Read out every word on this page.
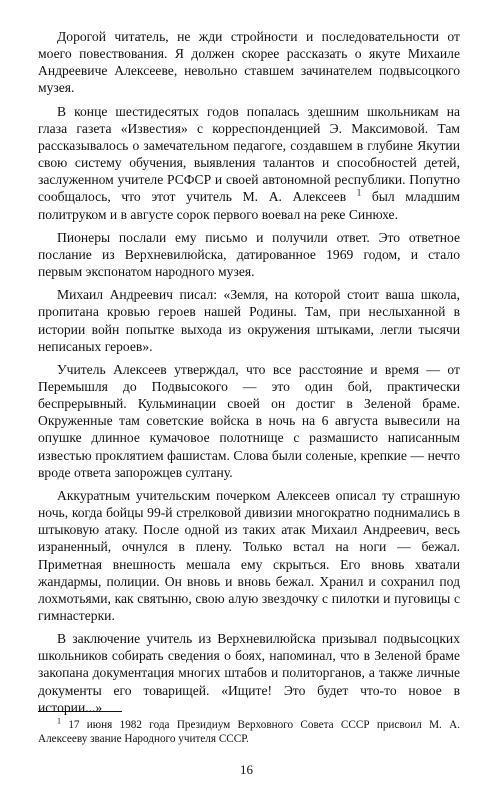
Дорогой читатель, не жди стройности и последовательности от моего повествования. Я должен скорее рассказать о якуте Михаиле Андреевиче Алексееве, невольно ставшем зачинателем подвысоцкого музея.

В конце шестидесятых годов попалась здешним школьникам на глаза газета «Известия» с корреспонденцией Э. Максимовой. Там рассказывалось о замечательном педагоге, создавшем в глубине Якутии свою систему обучения, выявления талантов и способностей детей, заслуженном учителе РСФСР и своей автономной республики. Попутно сообщалось, что этот учитель М. А. Алексеев $^1$ был младшим политруком и в августе сорок первого воевал на реке Синюхе.

Пионеры послали ему письмо и получили ответ. Это ответное послание из Верхневилюйска, датированное 1969 годом, и стало первым экспонатом народного музея.

Михаил Андреевич писал: «Земля, на которой стоит ваша школа, пропитана кровью героев нашей Родины. Там, при неслыханной в истории войн попытке выхода из окружения штыками, легли тысячи неписаных героев».

Учитель Алексеев утверждал, что все расстояние и время — от Перемышля до Подвысокого — это один бой, практически беспрерывный. Кульминации своей он достиг в Зеленой браме. Окруженные там советские войска в ночь на 6 августа вывесили на опушке длинное кумачовое полотнище с размашисто написанным известью проклятием фашистам. Слова были соленые, крепкие — нечто вроде ответа запорожцев султану.

Аккуратным учительским почерком Алексеев описал ту страшную ночь, когда бойцы 99-й стрелковой дивизии многократно поднимались в штыковую атаку. После одной из таких атак Михаил Андреевич, весь израненный, очнулся в плену. Только встал на ноги — бежал. Приметная внешность мешала ему скрыться. Его вновь хватали жандармы, полиции. Он вновь и вновь бежал. Хранил и сохранил под лохмотьями, как святыню, свою алую звездочку с пилотки и пуговицы с гимнастерки.

В заключение учитель из Верхневилюйска призывал подвысоцких школьников собирать сведения о боях, напоминал, что в Зеленой браме закопана документация многих штабов и политорганов, а также личные документы его товарищей. «Ищите! Это будет что-то новое в истории...»

$^1$ 17 июня 1982 года Президиум Верховного Совета СССР присвоил М. А. Алексееву звание Народного учителя СССР.
16
